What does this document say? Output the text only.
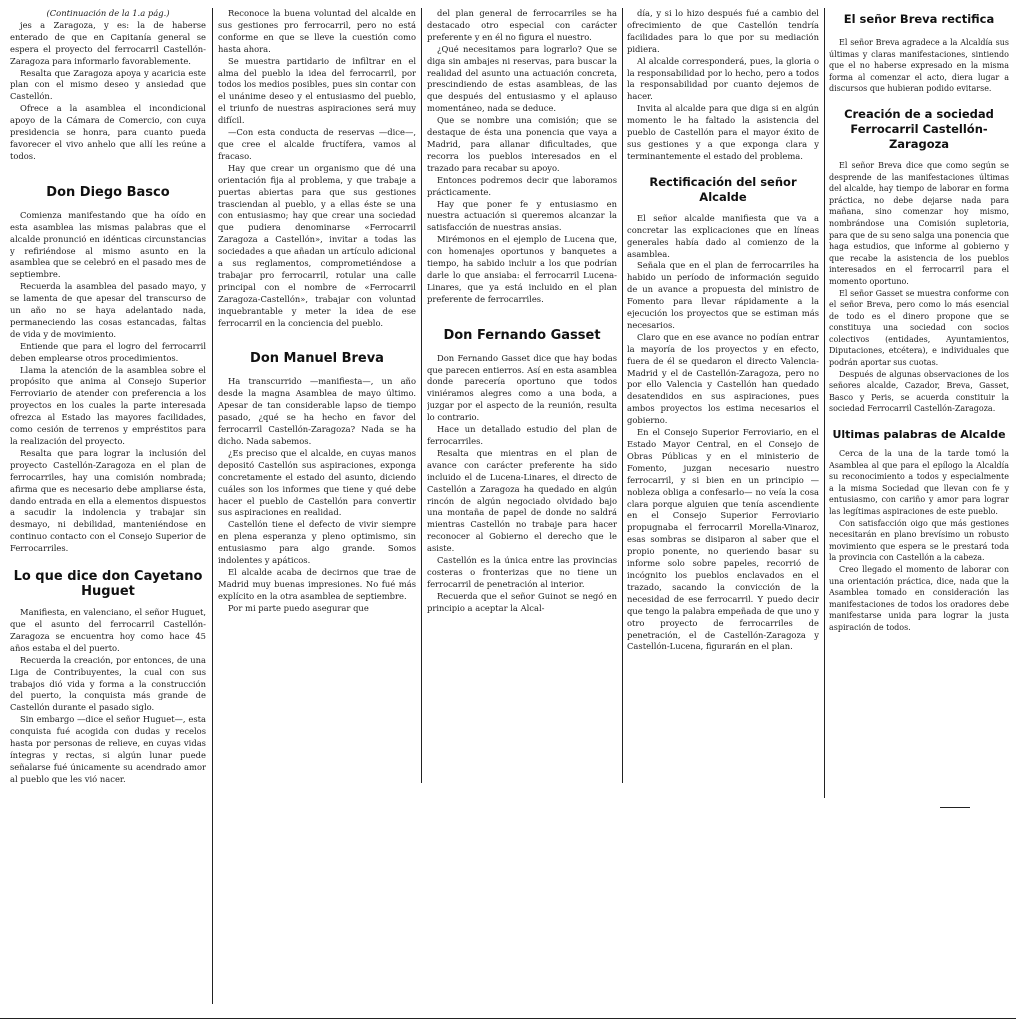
(Continuación de la 1.a pág.)

jes a Zaragoza, y es: la de haberse enterado de que en Capitanía general se espera el proyecto del ferrocarril Castellón-Zaragoza para informarlo favorablemente.

Resalta que Zaragoza apoya y acaricia este plan con el mismo deseo y ansiedad que Castellón.

Ofrece a la asamblea el incondicional apoyo de la Cámara de Comercio, con cuya presidencia se honra, para cuanto pueda favorecer el vivo anhelo que allí les reúne a todos.

Don Diego Basco

Comienza manifestando que ha oído en esta asamblea las mismas palabras que el alcalde pronunció en idénticas circunstancias y refiriéndose al mismo asunto en la asamblea que se celebró en el pasado mes de septiembre.

Recuerda la asamblea del pasado mayo, y se lamenta de que apesar del transcurso de un año no se haya adelantado nada, permaneciendo las cosas estancadas, faltas de vida y de movimiento.

Entiende que para el logro del ferrocarril deben emplearse otros procedimientos.

Llama la atención de la asamblea sobre el propósito que anima al Consejo Superior Ferroviario de atender con preferencia a los proyectos en los cuales la parte interesada ofrezca al Estado las mayores facilidades, como cesión de terrenos y empréstitos para la realización del proyecto.

Resalta que para lograr la inclusión del proyecto Castellón-Zaragoza en el plan de ferrocarriles, hay una comisión nombrada; afirma que es necesario debe ampliarse ésta, dando entrada en ella a elementos dispuestos a sacudir la indolencia y trabajar sin desmayo, ni debilidad, manteniéndose en continuo contacto con el Consejo Superior de Ferrocarriles.

Lo que dice don Cayetano Huguet

Manifiesta, en valenciano, el señor Huguet, que el asunto del ferrocarril Castellón-Zaragoza se encuentra hoy como hace 45 años estaba el del puerto.

Recuerda la creación, por entonces, de una Liga de Contribuyentes, la cual con sus trabajos dió vida y forma a la construcción del puerto, la conquista más grande de Castellón durante el pasado siglo.

Sin embargo —dice el señor Huguet—, esta conquista fué acogida con dudas y recelos hasta por personas de relieve, en cuyas vidas íntegras y rectas, si algún lunar puede señalarse fué únicamente su acendrado amor al pueblo que les vió nacer.

Reconoce la buena voluntad del alcalde en sus gestiones pro ferrocarril, pero no está conforme en que se lleve la cuestión como hasta ahora.

Se muestra partidario de infiltrar en el alma del pueblo la idea del ferrocarril, por todos los medios posibles, pues sin contar con el unánime deseo y el entusiasmo del pueblo, el triunfo de nuestras aspiraciones será muy difícil.

—Con esta conducta de reservas —dice—, que cree el alcalde fructífera, vamos al fracaso.

Hay que crear un organismo que dé una orientación fija al problema, y que trabaje a puertas abiertas para que sus gestiones trasciendan al pueblo, y a ellas éste se una con entusiasmo; hay que crear una sociedad que pudiera denominarse «Ferrocarril Zaragoza a Castellón», invitar a todas las sociedades a que añadan un artículo adicional a sus reglamentos, comprometiéndose a trabajar pro ferrocarril, rotular una calle principal con el nombre de «Ferrocarril Zaragoza-Castellón», trabajar con voluntad inquebrantable y meter la idea de ese ferrocarril en la conciencia del pueblo.

Don Manuel Breva

Ha transcurrido —manifiesta—, un año desde la magna Asamblea de mayo último. Apesar de tan considerable lapso de tiempo pasado, ¿qué se ha hecho en favor del ferrocarril Castellón-Zaragoza? Nada se ha dicho. Nada sabemos.

¿Es preciso que el alcalde, en cuyas manos depositó Castellón sus aspiraciones, exponga concretamente el estado del asunto, diciendo cuáles son los informes que tiene y qué debe hacer el pueblo de Castellón para convertir sus aspiraciones en realidad.

Castellón tiene el defecto de vivir siempre en plena esperanza y pleno optimismo, sin entusiasmo para algo grande. Somos indolentes y apáticos.

El alcalde acaba de decirnos que trae de Madrid muy buenas impresiones. No fué más explícito en la otra asamblea de septiembre.

Por mi parte puedo asegurar que

del plan general de ferrocarriles se ha destacado otro especial con carácter preferente y en él no figura el nuestro.

¿Qué necesitamos para lograrlo? Que se diga sin ambajes ni reservas, para buscar la realidad del asunto una actuación concreta, prescindiendo de estas asambleas, de las que después del entusiasmo y el aplauso momentáneo, nada se deduce.

Que se nombre una comisión; que se destaque de ésta una ponencia que vaya a Madrid, para allanar dificultades, que recorra los pueblos interesados en el trazado para recabar su apoyo.

Entonces podremos decir que laboramos prácticamente.

Hay que poner fe y entusiasmo en nuestra actuación si queremos alcanzar la satisfacción de nuestras ansias.

Mirémonos en el ejemplo de Lucena que, con homenajes oportunos y banquetes a tiempo, ha sabido incluir a los que podrían darle lo que ansiaba: el ferrocarril Lucena-Linares, que ya está incluido en el plan preferente de ferrocarriles.

Don Fernando Gasset

Don Fernando Gasset dice que hay bodas que parecen entierros. Así en esta asamblea donde parecería oportuno que todos viniéramos alegres como a una boda, a juzgar por el aspecto de la reunión, resulta lo contrario.

Hace un detallado estudio del plan de ferrocarriles.

Resalta que mientras en el plan de avance con carácter preferente ha sido incluido el de Lucena-Linares, el directo de Castellón a Zaragoza ha quedado en algún rincón de algún negociado olvidado bajo una montaña de papel de donde no saldrá mientras Castellón no trabaje para hacer reconocer al Gobierno el derecho que le asiste.

Castellón es la única entre las provincias costeras o fronterizas que no tiene un ferrocarril de penetración al interior.

Recuerda que el señor Guinot se negó en principio a aceptar la Alcal-

día, y si lo hizo después fué a cambio del ofrecimiento de que Castellón tendría facilidades para lo que por su mediación pidiera.

Al alcalde corresponderá, pues, la gloria o la responsabilidad por lo hecho, pero a todos la responsabilidad por cuanto dejemos de hacer.

Invita al alcalde para que diga si en algún momento le ha faltado la asistencia del pueblo de Castellón para el mayor éxito de sus gestiones y a que exponga clara y terminantemente el estado del problema.

Rectificación del señor Alcalde

El señor alcalde manifiesta que va a concretar las explicaciones que en líneas generales había dado al comienzo de la asamblea.

Señala que en el plan de ferrocarriles ha habido un período de información seguido de un avance a propuesta del ministro de Fomento para llevar rápidamente a la ejecución los proyectos que se estiman más necesarios.

Claro que en ese avance no podían entrar la mayoría de los proyectos y en efecto, fuera de él se quedaron el directo Valencia-Madrid y el de Castellón-Zaragoza, pero no por ello Valencia y Castellón han quedado desatendidos en sus aspiraciones, pues ambos proyectos los estima necesarios el gobierno.

En el Consejo Superior Ferroviario, en el Estado Mayor Central, en el Consejo de Obras Públicas y en el ministerio de Fomento, juzgan necesario nuestro ferrocarril, y si bien en un principio —nobleza obliga a confesarlo— no veía la cosa clara porque alguien que tenía ascendiente en el Consejo Superior Ferroviario propugnaba el ferrocarril Morella-Vinaroz, esas sombras se disiparon al saber que el propio ponente, no queriendo basar su informe solo sobre papeles, recorrió de incógnito los pueblos enclavados en el trazado, sacando la convicción de la necesidad de ese ferrocarril. Y puedo decir que tengo la palabra empeñada de que uno y otro proyecto de ferrocarriles de penetración, el de Castellón-Zaragoza y Castellón-Lucena, figurarán en el plan.

El señor Breva rectifica

El señor Breva agradece a la Alcaldía sus últimas y claras manifestaciones, sintiendo que el no haberse expresado en la misma forma al comenzar el acto, diera lugar a discursos que hubieran podido evitarse.

Creación de a sociedad Ferrocarril Castellón-Zaragoza

El señor Breva dice que como según se desprende de las manifestaciones últimas del alcalde, hay tiempo de laborar en forma práctica, no debe dejarse nada para mañana, sino comenzar hoy mismo, nombrándose una Comisión supletoria, para que de su seno salga una ponencia que haga estudios, que informe al gobierno y que recabe la asistencia de los pueblos interesados en el ferrocarril para el momento oportuno.

El señor Gasset se muestra conforme con el señor Breva, pero como lo más esencial de todo es el dinero propone que se constituya una sociedad con socios colectivos (entidades, Ayuntamientos, Diputaciones, etcétera), e individuales que podrán aportar sus cuotas.

Después de algunas observaciones de los señores alcalde, Cazador, Breva, Gasset, Basco y Peris, se acuerda constituir la sociedad Ferrocarril Castellón-Zaragoza.

Ultimas palabras de Alcalde

Cerca de la una de la tarde tomó la Asamblea al que para el epílogo la Alcaldía su reconocimiento a todos y especialmente a la misma Sociedad que llevan con fe y entusiasmo, con cariño y amor para lograr las legítimas aspiraciones de este pueblo.

Con satisfacción oigo que más gestiones necesitarán en plano brevísimo un robusto movimiento que espera se le prestará toda la provincia con Castellón a la cabeza.

Creo llegado el momento de laborar con una orientación práctica, dice, nada que la Asamblea tomado en consideración las manifestaciones de todos los oradores debe manifestarse unida para lograr la justa aspiración de todos.
